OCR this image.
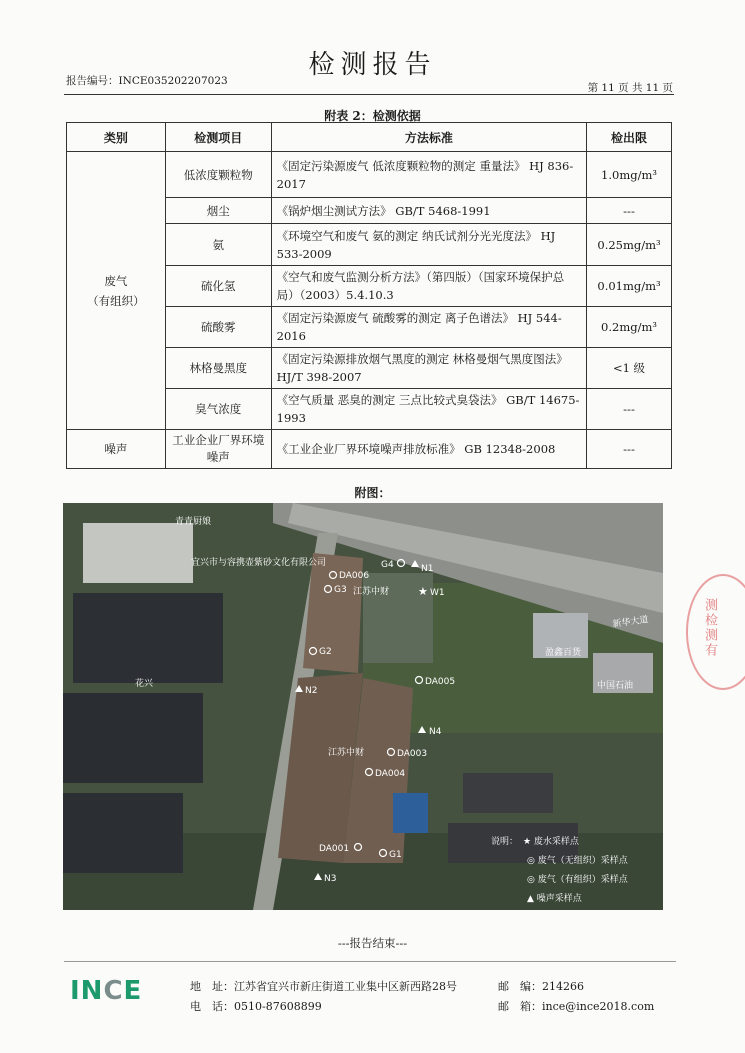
检测报告
报告编号：INCE035202207023
第 11 页 共 11 页
附表 2：检测依据
类别	检测项目	方法标准	检出限
废气
（有组织）	低浓度颗粒物	《固定污染源废气 低浓度颗粒物的测定 重量法》 HJ 836-2017	1.0mg/m³
	烟尘	《锅炉烟尘测试方法》 GB/T 5468-1991	---
	氨	《环境空气和废气 氨的测定 纳氏试剂分光光度法》 HJ 533-2009	0.25mg/m³
	硫化氢	《空气和废气监测分析方法》（第四版）（国家环境保护总局）（2003）5.4.10.3	0.01mg/m³
	硫酸雾	《固定污染源废气 硫酸雾的测定 离子色谱法》 HJ 544-2016	0.2mg/m³
	林格曼黑度	《固定污染源排放烟气黑度的测定 林格曼烟气黑度图法》 HJ/T 398-2007	<1 级
	臭气浓度	《空气质量 恶臭的测定 三点比较式臭袋法》 GB/T 14675-1993	---
噪声	工业企业厂界环境噪声	《工业企业厂界环境噪声排放标准》 GB 12348-2008	---
附图：
青青厨娘
宜兴市与容携壶紫砂文化有限公司
江苏中财
江苏中财
新华大道
盈鑫百货
中国石油
花兴
G4	N1
★ W1
DA006
G3
G2
N2
DA005
N4
DA003
DA004
DA001
G1
N3
说明： ★ 废水采样点
◎ 废气（无组织）采样点
◎ 废气（有组织）采样点
▲ 噪声采样点
---报告结束---
INCE	地　址：江苏省宜兴市新庄街道工业集中区新西路28号
电　话：0510-87608899
邮　编：214266
邮　箱：ince@ince2018.com
测检测有
